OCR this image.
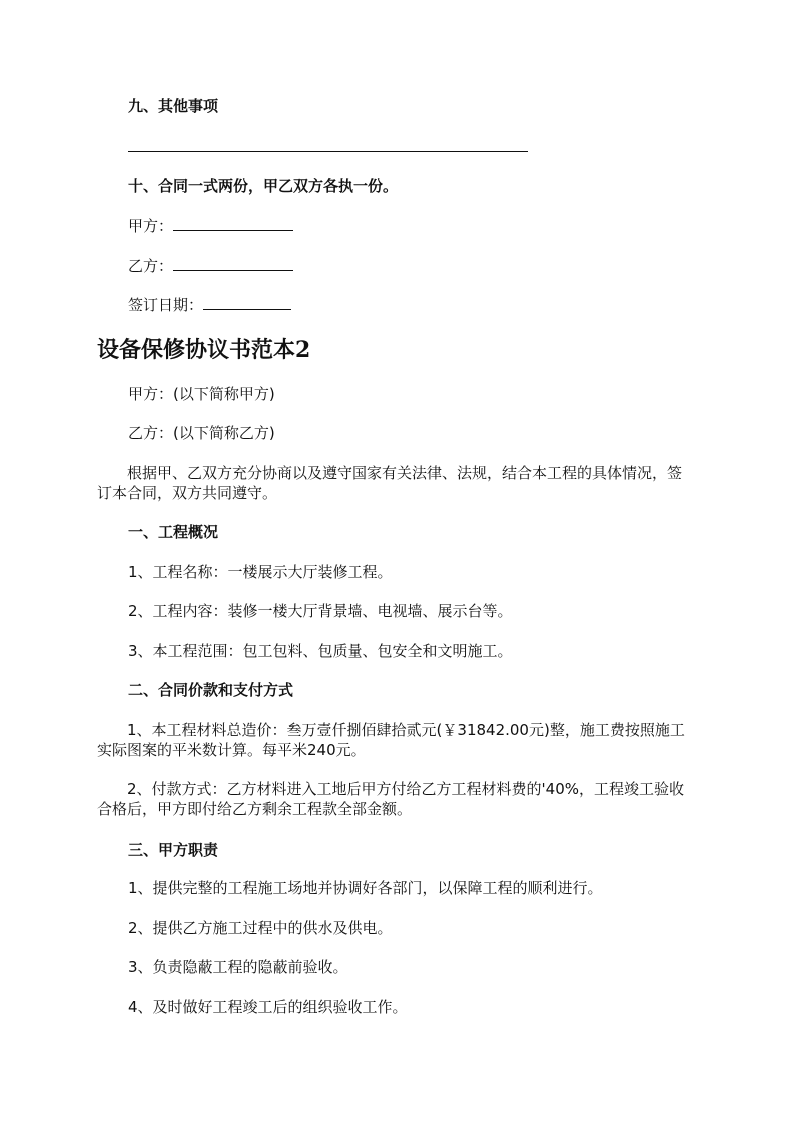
九、其他事项
十、合同一式两份，甲乙双方各执一份。
甲方：
乙方：
签订日期：
设备保修协议书范本2
甲方：(以下简称甲方)
乙方：(以下简称乙方)
根据甲、乙双方充分协商以及遵守国家有关法律、法规，结合本工程的具体情况，签订本合同，双方共同遵守。
一、工程概况
1、工程名称：一楼展示大厅装修工程。
2、工程内容：装修一楼大厅背景墙、电视墙、展示台等。
3、本工程范围：包工包料、包质量、包安全和文明施工。
二、合同价款和支付方式
1、本工程材料总造价：叁万壹仟捌佰肆拾贰元(￥31842.00元)整，施工费按照施工实际图案的平米数计算。每平米240元。
2、付款方式：乙方材料进入工地后甲方付给乙方工程材料费的'40%，工程竣工验收合格后，甲方即付给乙方剩余工程款全部金额。
三、甲方职责
1、提供完整的工程施工场地并协调好各部门，以保障工程的顺利进行。
2、提供乙方施工过程中的供水及供电。
3、负责隐蔽工程的隐蔽前验收。
4、及时做好工程竣工后的组织验收工作。
